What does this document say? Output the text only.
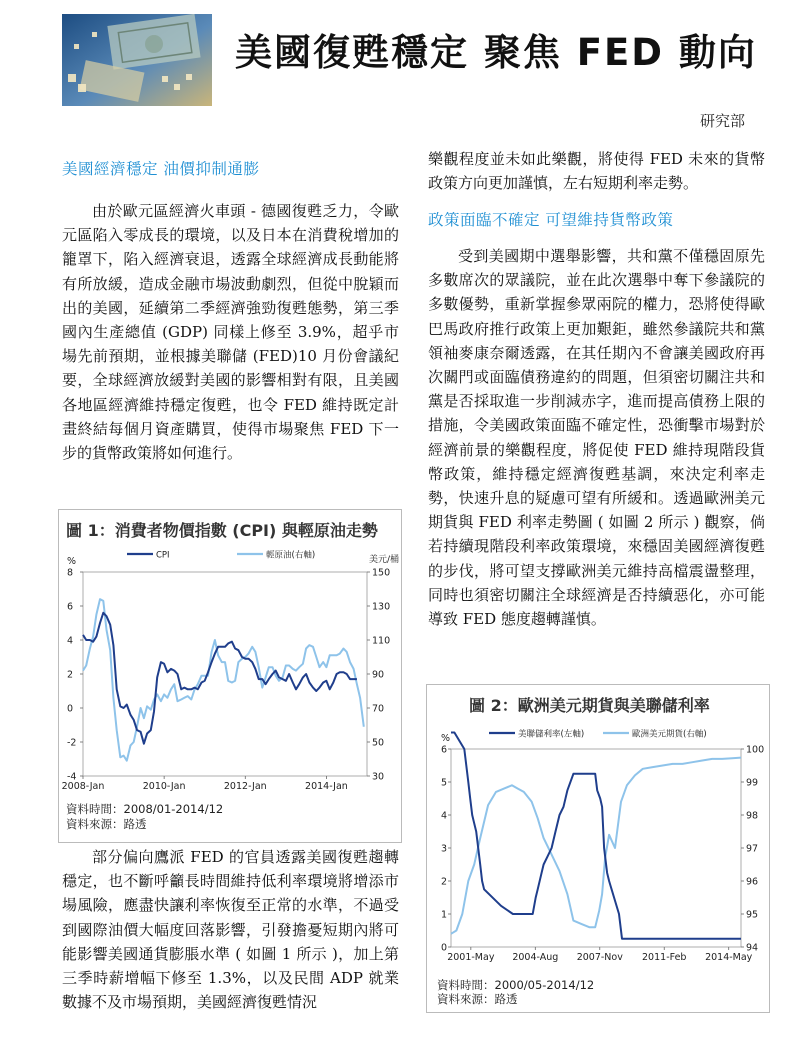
美國復甦穩定 聚焦 FED 動向
研究部
美國經濟穩定 油價抑制通膨
由於歐元區經濟火車頭 - 德國復甦乏力，令歐元區陷入零成長的環境，以及日本在消費稅增加的籠罩下，陷入經濟衰退，透露全球經濟成長動能將有所放緩，造成金融市場波動劇烈，但從中脫穎而出的美國，延續第二季經濟強勁復甦態勢，第三季國內生產總值 (GDP) 同樣上修至 3.9%，超乎市場先前預期，並根據美聯儲 (FED)10 月份會議紀要，全球經濟放緩對美國的影響相對有限，且美國各地區經濟維持穩定復甦，也令 FED 維持既定計畫終結每個月資產購買，使得市場聚焦 FED 下一步的貨幣政策將如何進行。
圖 1：消費者物價指數 (CPI) 與輕原油走勢
-4
-2
0
2
4
6
8
30
50
70
90
110
130
150
2008-Jan	2010-Jan	2012-Jan	2014-Jan
%	美元/桶
CPI	輕原油(右軸)
資料時間：2008/01-2014/12
資料來源：路透
部分偏向鷹派 FED 的官員透露美國復甦趨轉穩定，也不斷呼籲長時間維持低利率環境將增添市場風險，應盡快讓利率恢復至正常的水準，不過受到國際油價大幅度回落影響，引發擔憂短期內將可能影響美國通貨膨脹水準 ( 如圖 1 所示 )，加上第三季時薪增幅下修至 1.3%，以及民間 ADP 就業數據不及市場預期，美國經濟復甦情況
樂觀程度並未如此樂觀，將使得 FED 未來的貨幣政策方向更加謹慎，左右短期利率走勢。
政策面臨不確定 可望維持貨幣政策
受到美國期中選舉影響，共和黨不僅穩固原先多數席次的眾議院，並在此次選舉中奪下參議院的多數優勢，重新掌握參眾兩院的權力，恐將使得歐巴馬政府推行政策上更加艱鉅，雖然參議院共和黨領袖麥康奈爾透露，在其任期內不會讓美國政府再次關門或面臨債務違約的問題，但須密切關注共和黨是否採取進一步削減赤字，進而提高債務上限的措施，令美國政策面臨不確定性，恐衝擊市場對於經濟前景的樂觀程度，將促使 FED 維持現階段貨幣政策，維持穩定經濟復甦基調，來決定利率走勢，快速升息的疑慮可望有所緩和。透過歐洲美元期貨與 FED 利率走勢圖 ( 如圖 2 所示 ) 觀察，倘若持續現階段利率政策環境，來穩固美國經濟復甦的步伐，將可望支撐歐洲美元維持高檔震盪整理，同時也須密切關注全球經濟是否持續惡化，亦可能導致 FED 態度趨轉謹慎。
圖 2：歐洲美元期貨與美聯儲利率
0
1
2
3
4
5
6
94
95
96
97
98
99
100
2001-May 2004-Aug 2007-Nov 2011-Feb 2014-May
%	美聯儲利率(左軸)	歐洲美元期貨(右軸)
資料時間：2000/05-2014/12
資料來源：路透
